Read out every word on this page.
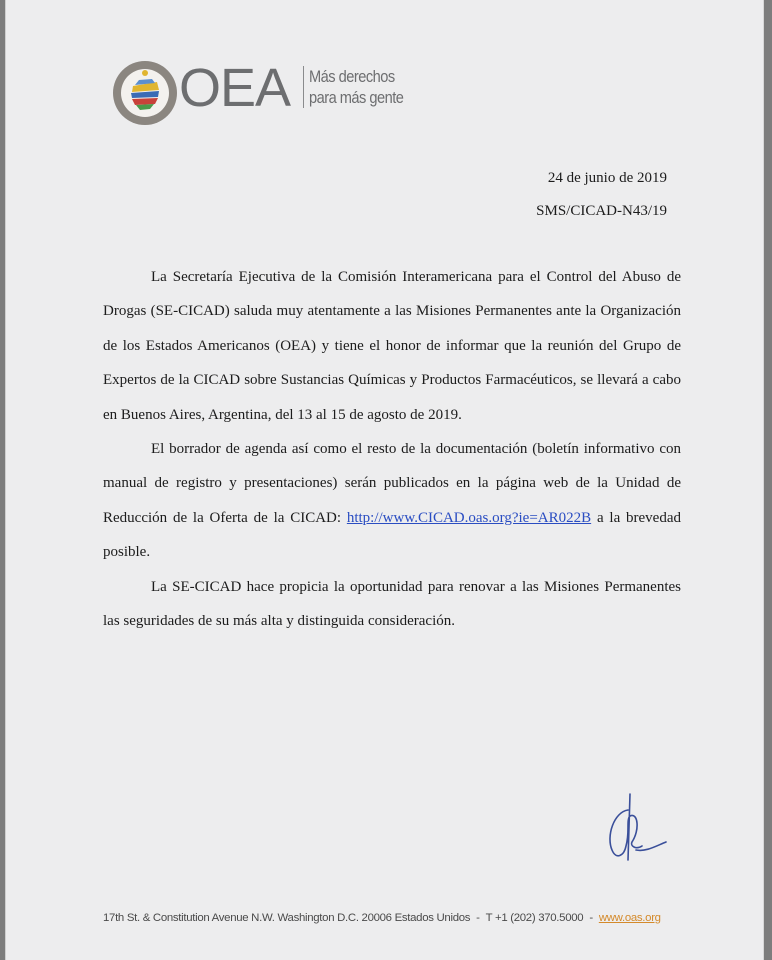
OEA Más derechos
para más gente
24 de junio de 2019
SMS/CICAD-N43/19

La Secretaría Ejecutiva de la Comisión Interamericana para el Control del Abuso de Drogas (SE-CICAD) saluda muy atentamente a las Misiones Permanentes ante la Organización de los Estados Americanos (OEA) y tiene el honor de informar que la reunión del Grupo de Expertos de la CICAD sobre Sustancias Químicas y Productos Farmacéuticos, se llevará a cabo en Buenos Aires, Argentina, del 13 al 15 de agosto de 2019.

El borrador de agenda así como el resto de la documentación (boletín informativo con manual de registro y presentaciones) serán publicados en la página web de la Unidad de Reducción de la Oferta de la CICAD: http://www.CICAD.oas.org?ie=AR022B a la brevedad posible.

La SE-CICAD hace propicia la oportunidad para renovar a las Misiones Permanentes las seguridades de su más alta y distinguida consideración.

17th St. & Constitution Avenue N.W. Washington D.C. 20006 Estados Unidos - T +1 (202) 370.5000 - www.oas.org
